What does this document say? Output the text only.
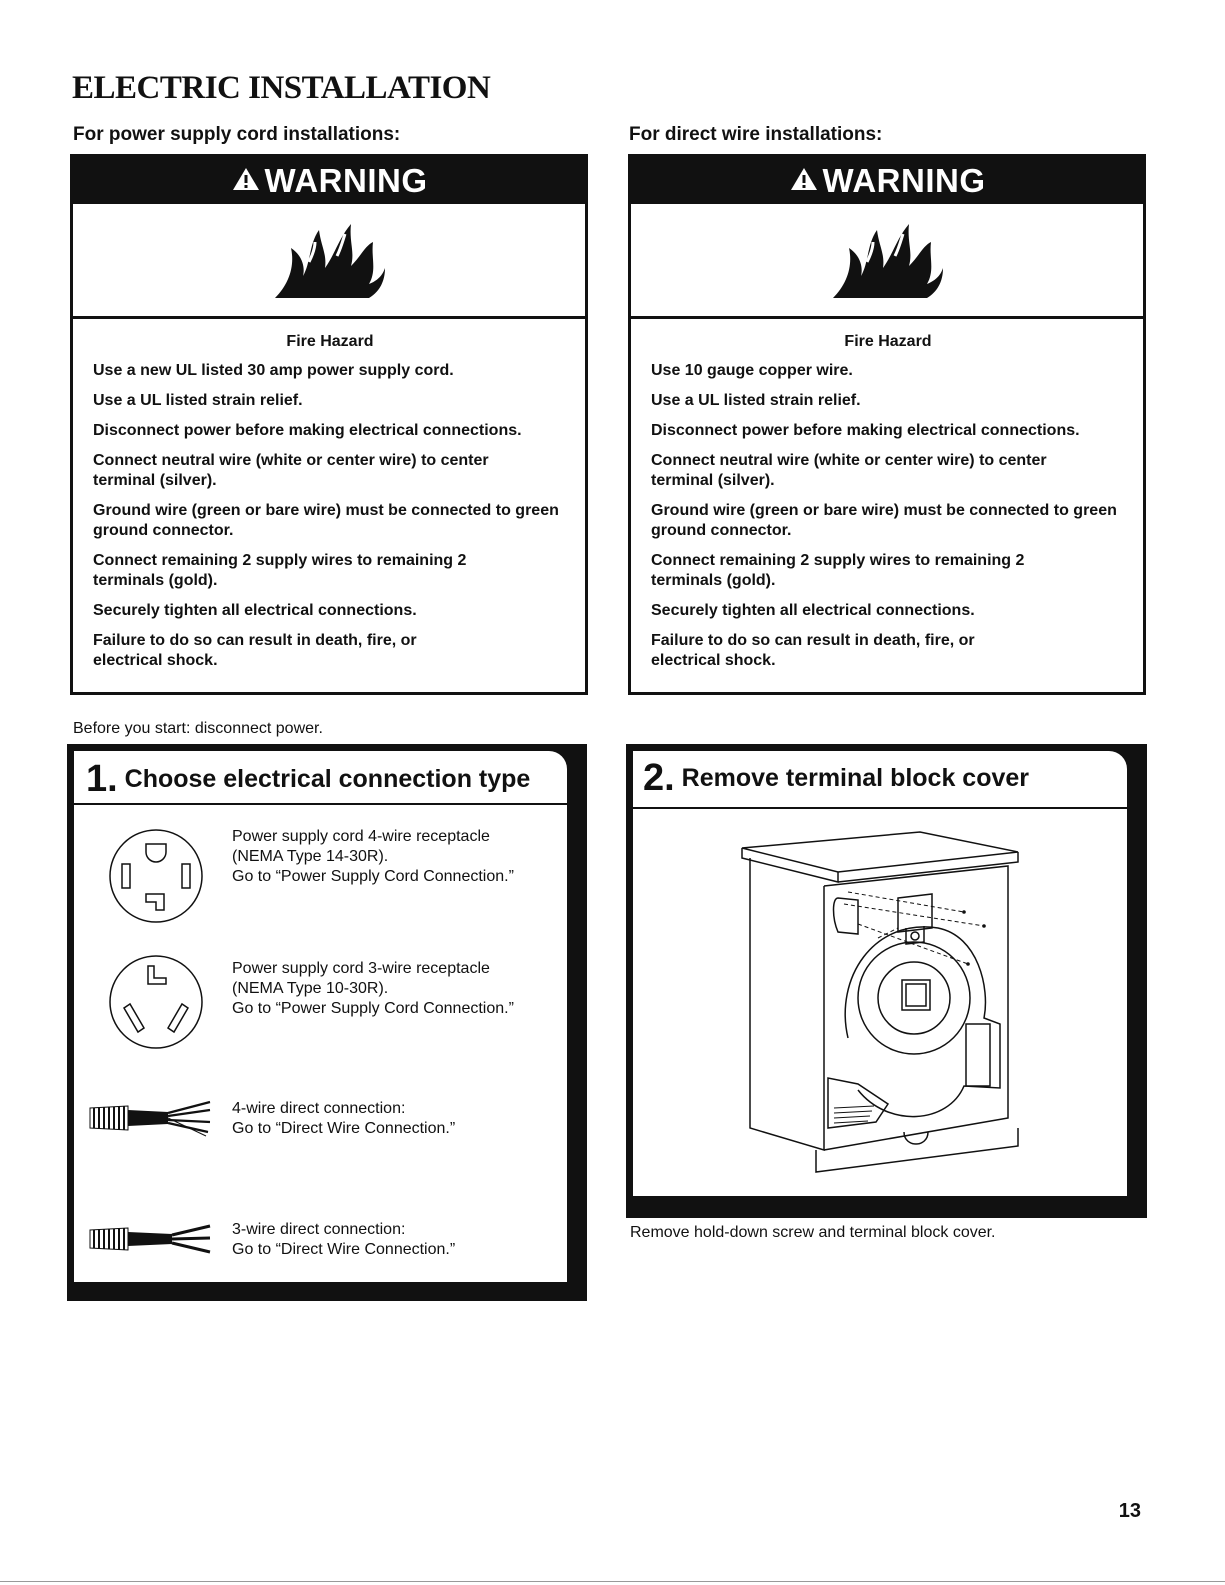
ELECTRIC INSTALLATION
For power supply cord installations:	For direct wire installations:
WARNING
Fire Hazard
Use a new UL listed 30 amp power supply cord.
Use a UL listed strain relief.
Disconnect power before making electrical connections.
Connect neutral wire (white or center wire) to center terminal (silver).
Ground wire (green or bare wire) must be connected to green ground connector.
Connect remaining 2 supply wires to remaining 2 terminals (gold).
Securely tighten all electrical connections.
Failure to do so can result in death, fire, or electrical shock.
WARNING
Fire Hazard
Use 10 gauge copper wire.
Use a UL listed strain relief.
Disconnect power before making electrical connections.
Connect neutral wire (white or center wire) to center terminal (silver).
Ground wire (green or bare wire) must be connected to green ground connector.
Connect remaining 2 supply wires to remaining 2 terminals (gold).
Securely tighten all electrical connections.
Failure to do so can result in death, fire, or electrical shock.
Before you start: disconnect power.
1. Choose electrical connection type
Power supply cord 4-wire receptacle
(NEMA Type 14-30R).
Go to “Power Supply Cord Connection.”
Power supply cord 3-wire receptacle
(NEMA Type 10-30R).
Go to “Power Supply Cord Connection.”
4-wire direct connection:
Go to “Direct Wire Connection.”
3-wire direct connection:
Go to “Direct Wire Connection.”
2. Remove terminal block cover
Remove hold-down screw and terminal block cover.
13
